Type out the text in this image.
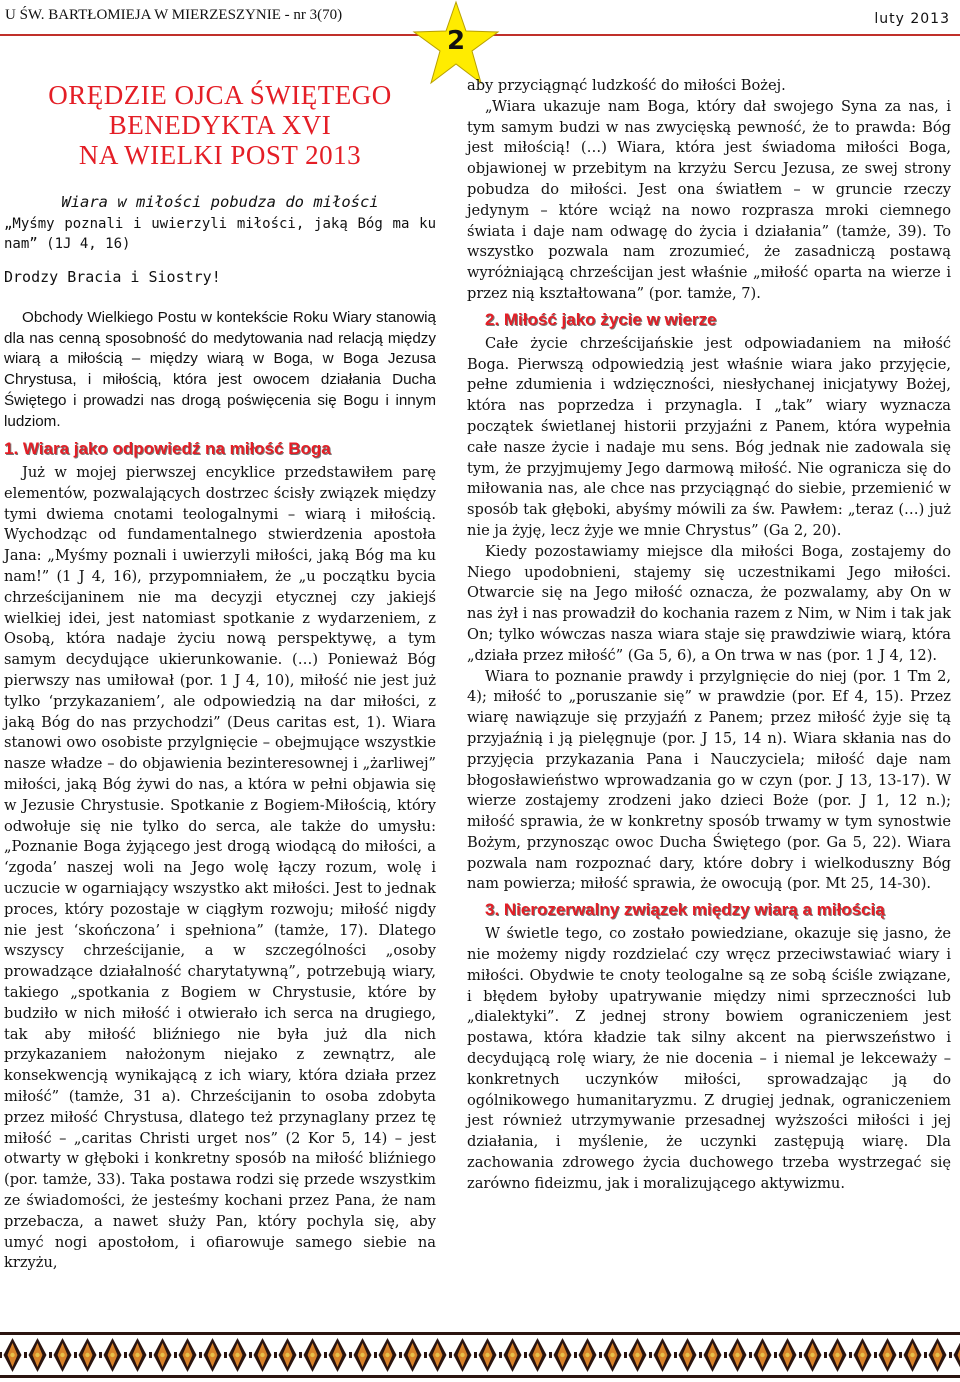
U ŚW. BARTŁOMIEJA W MIERZESZYNIE - nr 3(70)	luty 2013
2
ORĘDZIE OJCA ŚWIĘTEGO
BENEDYKTA XVI
NA WIELKI POST 2013
Wiara w miłości pobudza do miłości
„Myśmy poznali i uwierzyli miłości, jaką Bóg ma ku nam” (1J 4, 16)
Drodzy Bracia i Siostry!

Obchody Wielkiego Postu w kontekście Roku Wiary stanowią dla nas cenną sposobność do medytowania nad relacją między wiarą a miłością – między wiarą w Boga, w Boga Jezusa Chrystusa, i miłością, która jest owocem działania Ducha Świętego i prowadzi nas drogą poświęcenia się Bogu i innym ludziom.

1. Wiara jako odpowiedź na miłość Boga

Już w mojej pierwszej encyklice przedstawiłem parę elementów, pozwalających dostrzec ścisły związek między tymi dwiema cnotami teologalnymi – wiarą i miłością. Wychodząc od fundamentalnego stwierdzenia apostoła Jana: „Myśmy poznali i uwierzyli miłości, jaką Bóg ma ku nam!” (1 J 4, 16), przypomniałem, że „u początku bycia chrześcijaninem nie ma decyzji etycznej czy jakiejś wielkiej idei, jest natomiast spotkanie z wydarzeniem, z Osobą, która nadaje życiu nową perspektywę, a tym samym decydujące ukierunkowanie. (…) Ponieważ Bóg pierwszy nas umiłował (por. 1 J 4, 10), miłość nie jest już tylko ‘przykazaniem’, ale odpowiedzią na dar miłości, z jaką Bóg do nas przychodzi” (Deus caritas est, 1). Wiara stanowi owo osobiste przylgnięcie – obejmujące wszystkie nasze władze – do objawienia bezinteresownej i „żarliwej” miłości, jaką Bóg żywi do nas, a która w pełni objawia się w Jezusie Chrystusie. Spotkanie z Bogiem-Miłością, który odwołuje się nie tylko do serca, ale także do umysłu: „Poznanie Boga żyjącego jest drogą wiodącą do miłości, a ‘zgoda’ naszej woli na Jego wolę łączy rozum, wolę i uczucie w ogarniający wszystko akt miłości. Jest to jednak proces, który pozostaje w ciągłym rozwoju; miłość nigdy nie jest ‘skończona’ i spełniona” (tamże, 17). Dlatego wszyscy chrześcijanie, a w szczególności „osoby prowadzące działalność charytatywną”, potrzebują wiary, takiego „spotkania z Bogiem w Chrystusie, które by budziło w nich miłość i otwierało ich serca na drugiego, tak aby miłość bliźniego nie była już dla nich przykazaniem nałożonym niejako z zewnątrz, ale konsekwencją wynikającą z ich wiary, która działa przez miłość” (tamże, 31 a). Chrześcijanin to osoba zdobyta przez miłość Chrystusa, dlatego też przynaglany przez tę miłość – „caritas Christi urget nos” (2 Kor 5, 14) – jest otwarty w głęboki i konkretny sposób na miłość bliźniego (por. tamże, 33). Taka postawa rodzi się przede wszystkim ze świadomości, że jesteśmy kochani przez Pana, że nam przebacza, a nawet służy Pan, który pochyla się, aby umyć nogi apostołom, i ofiarowuje samego siebie na krzyżu,

aby przyciągnąć ludzkość do miłości Bożej.

„Wiara ukazuje nam Boga, który dał swojego Syna za nas, i tym samym budzi w nas zwycięską pewność, że to prawda: Bóg jest miłością! (…) Wiara, która jest świadoma miłości Boga, objawionej w przebitym na krzyżu Sercu Jezusa, ze swej strony pobudza do miłości. Jest ona światłem – w gruncie rzeczy jedynym – które wciąż na nowo rozprasza mroki ciemnego świata i daje nam odwagę do życia i działania” (tamże, 39). To wszystko pozwala nam zrozumieć, że zasadniczą postawą wyróżniającą chrześcijan jest właśnie „miłość oparta na wierze i przez nią kształtowana” (por. tamże, 7).

2. Miłość jako życie w wierze

Całe życie chrześcijańskie jest odpowiadaniem na miłość Boga. Pierwszą odpowiedzią jest właśnie wiara jako przyjęcie, pełne zdumienia i wdzięczności, niesłychanej inicjatywy Bożej, która nas poprzedza i przynagla. I „tak” wiary wyznacza początek świetlanej historii przyjaźni z Panem, która wypełnia całe nasze życie i nadaje mu sens. Bóg jednak nie zadowala się tym, że przyjmujemy Jego darmową miłość. Nie ogranicza się do miłowania nas, ale chce nas przyciągnąć do siebie, przemienić w sposób tak głęboki, abyśmy mówili za św. Pawłem: „teraz (…) już nie ja żyję, lecz żyje we mnie Chrystus” (Ga 2, 20).

Kiedy pozostawiamy miejsce dla miłości Boga, zostajemy do Niego upodobnieni, stajemy się uczestnikami Jego miłości. Otwarcie się na Jego miłość oznacza, że pozwalamy, aby On w nas żył i nas prowadził do kochania razem z Nim, w Nim i tak jak On; tylko wówczas nasza wiara staje się prawdziwie wiarą, która „działa przez miłość” (Ga 5, 6), a On trwa w nas (por. 1 J 4, 12).

Wiara to poznanie prawdy i przylgnięcie do niej (por. 1 Tm 2, 4); miłość to „poruszanie się” w prawdzie (por. Ef 4, 15). Przez wiarę nawiązuje się przyjaźń z Panem; przez miłość żyje się tą przyjaźnią i ją pielęgnuje (por. J 15, 14 n). Wiara skłania nas do przyjęcia przykazania Pana i Nauczyciela; miłość daje nam błogosławieństwo wprowadzania go w czyn (por. J 13, 13-17). W wierze zostajemy zrodzeni jako dzieci Boże (por. J 1, 12 n.); miłość sprawia, że w konkretny sposób trwamy w tym synostwie Bożym, przynosząc owoc Ducha Świętego (por. Ga 5, 22). Wiara pozwala nam rozpoznać dary, które dobry i wielkoduszny Bóg nam powierza; miłość sprawia, że owocują (por. Mt 25, 14-30).

3. Nierozerwalny związek między wiarą a miłością

W świetle tego, co zostało powiedziane, okazuje się jasno, że nie możemy nigdy rozdzielać czy wręcz przeciwstawiać wiary i miłości. Obydwie te cnoty teologalne są ze sobą ściśle związane, i błędem byłoby upatrywanie między nimi sprzeczności lub „dialektyki”. Z jednej strony bowiem ograniczeniem jest postawa, która kładzie tak silny akcent na pierwszeństwo i decydującą rolę wiary, że nie docenia – i niemal je lekceważy – konkretnych uczynków miłości, sprowadzając ją do ogólnikowego humanitaryzmu. Z drugiej jednak, ograniczeniem jest również utrzymywanie przesadnej wyższości miłości i jej działania, i myślenie, że uczynki zastępują wiarę. Dla zachowania zdrowego życia duchowego trzeba wystrzegać się zarówno fideizmu, jak i moralizującego aktywizmu.
